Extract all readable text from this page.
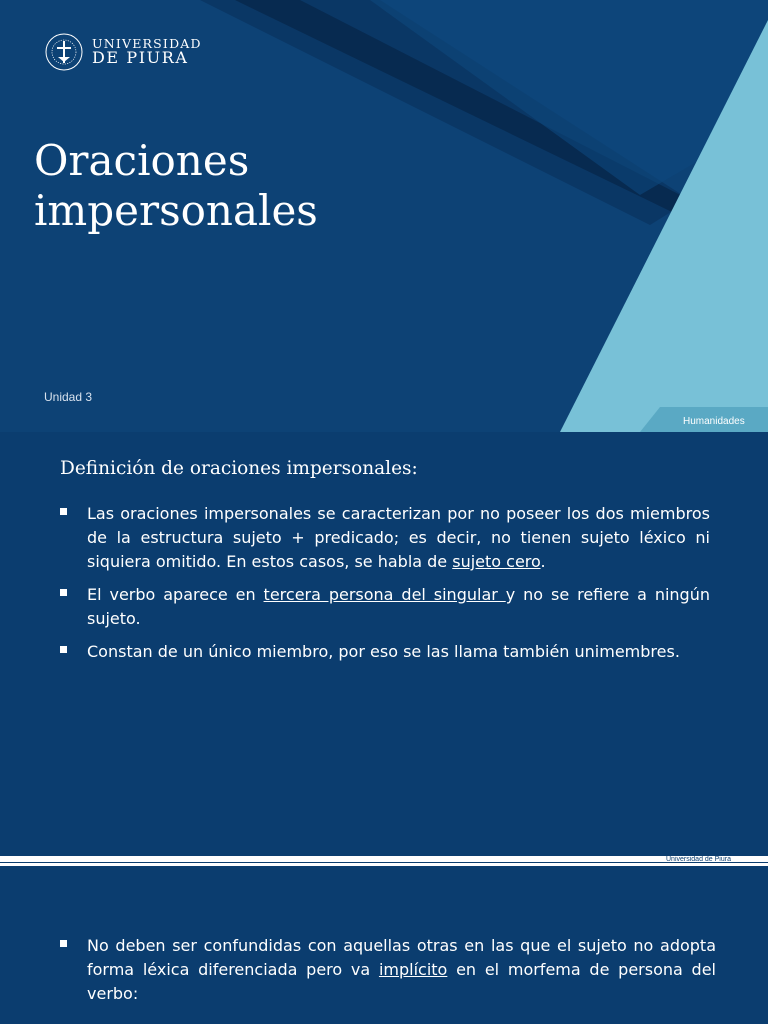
UNIVERSIDAD
DE PIURA
Oraciones
impersonales
Unidad 3
Humanidades
Definición de oraciones impersonales:
Las oraciones impersonales se caracterizan por no poseer los dos miembros de la estructura sujeto + predicado; es decir, no tienen sujeto léxico ni siquiera omitido. En estos casos, se habla de sujeto cero.
El verbo aparece en tercera persona del singular y no se refiere a ningún sujeto.
Constan de un único miembro, por eso se las llama también unimembres.
Universidad de Piura
No deben ser confundidas con aquellas otras en las que el sujeto no adopta forma léxica diferenciada pero va implícito en el morfema de persona del verbo:
